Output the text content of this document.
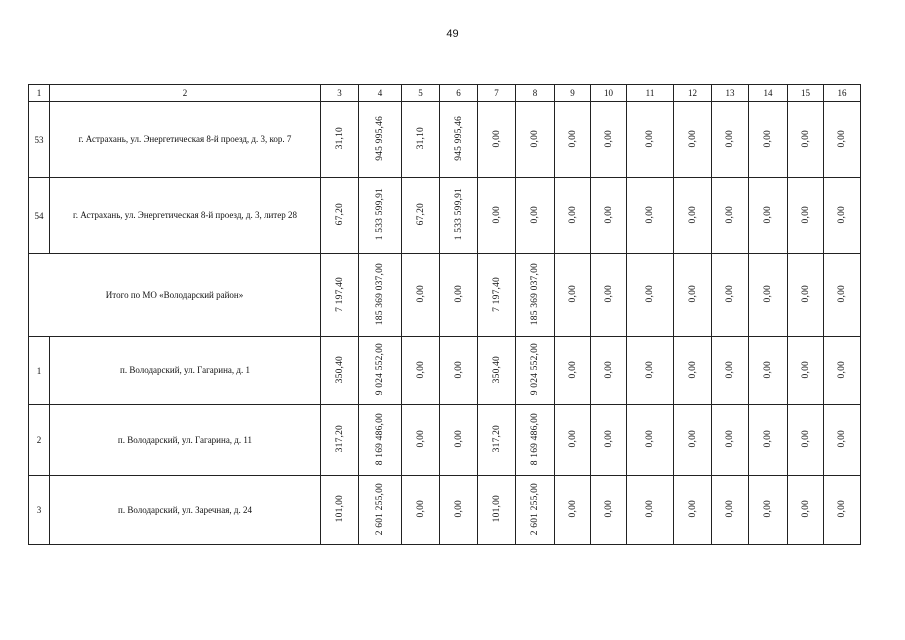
49
1	2	3	4	5	6	7	8	9	10	11	12	13	14	15	16
53	г. Астрахань, ул. Энергетическая 8-й проезд, д. 3, кор. 7	31,10	945 995,46	31,10	945 995,46	0,00	0,00	0,00	0,00	0,00	0,00	0,00	0,00	0,00	0,00
54	г. Астрахань, ул. Энергетическая 8-й проезд, д. 3, литер 28	67,20	1 533 599,91	67,20	1 533 599,91	0,00	0,00	0,00	0,00	0,00	0,00	0,00	0,00	0,00	0,00
Итого по МО «Володарский район»		7 197,40	185 369 037,00	0,00	0,00	7 197,40	185 369 037,00	0,00	0,00	0,00	0,00	0,00	0,00	0,00	0,00
1	п. Володарский, ул. Гагарина, д. 1	350,40	9 024 552,00	0,00	0,00	350,40	9 024 552,00	0,00	0,00	0,00	0,00	0,00	0,00	0,00	0,00
2	п. Володарский, ул. Гагарина, д. 11	317,20	8 169 486,00	0,00	0,00	317,20	8 169 486,00	0,00	0,00	0,00	0,00	0,00	0,00	0,00	0,00
3	п. Володарский, ул. Заречная, д. 24	101,00	2 601 255,00	0,00	0,00	101,00	2 601 255,00	0,00	0,00	0,00	0,00	0,00	0,00	0,00	0,00
